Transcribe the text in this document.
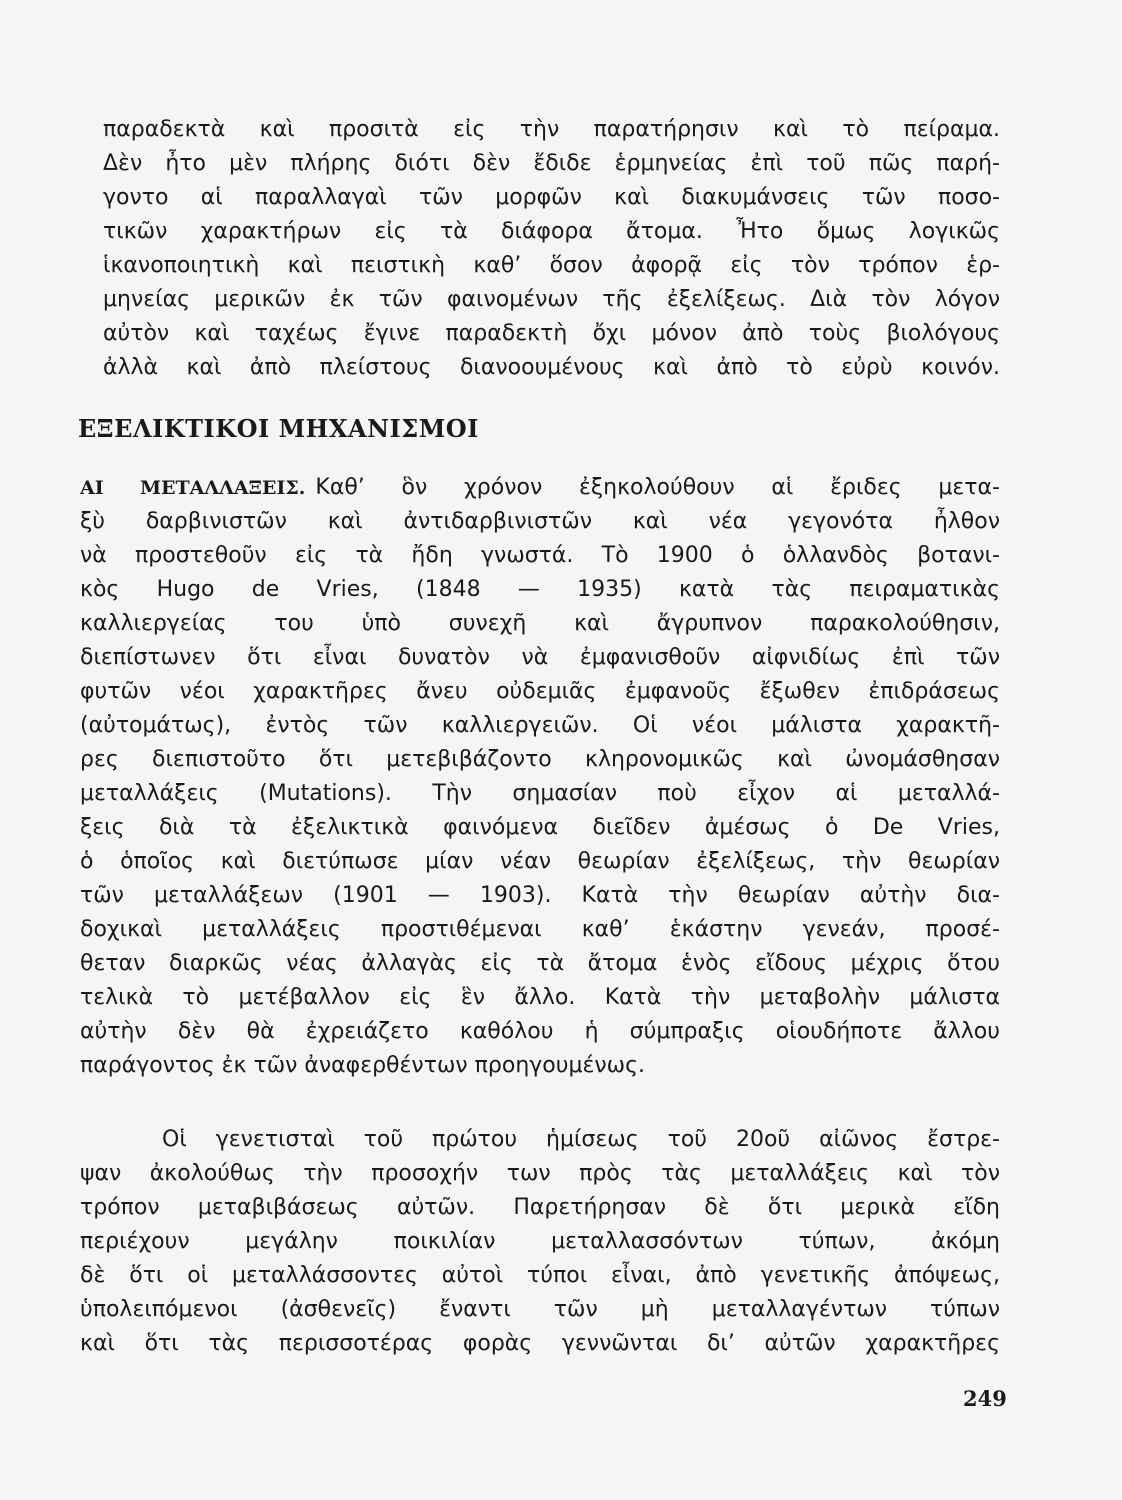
παραδεκτὰ καὶ προσιτὰ εἰς τὴν παρατήρησιν καὶ τὸ πείραμα.
Δὲν ἦτο μὲν πλήρης διότι δὲν ἔδιδε ἑρμηνείας ἐπὶ τοῦ πῶς παρή-
γοντο αἱ παραλλαγαὶ τῶν μορφῶν καὶ διακυμάνσεις τῶν ποσο-
τικῶν χαρακτήρων εἰς τὰ διάφορα ἄτομα. Ἦτο ὅμως λογικῶς
ἱκανοποιητικὴ καὶ πειστικὴ καθ’ ὅσον ἀφορᾷ εἰς τὸν τρόπον ἑρ-
μηνείας μερικῶν ἐκ τῶν φαινομένων τῆς ἐξελίξεως. Διὰ τὸν λόγον
αὐτὸν καὶ ταχέως ἔγινε παραδεκτὴ ὄχι μόνον ἀπὸ τοὺς βιολόγους
ἀλλὰ καὶ ἀπὸ πλείστους διανοουμένους καὶ ἀπὸ τὸ εὐρὺ κοινόν.
ΕΞΕΛΙΚΤΙΚΟΙ ΜΗΧΑΝΙΣΜΟΙ
ΑΙ ΜΕΤΑΛΛΑΞΕΙΣ. Καθ’ ὃν χρόνον ἐξηκολούθουν αἱ ἔριδες μετα-
ξὺ δαρβινιστῶν καὶ ἀντιδαρβινιστῶν καὶ νέα γεγονότα ἦλθον
νὰ προστεθοῦν εἰς τὰ ἤδη γνωστά. Τὸ 1900 ὁ ὁλλανδὸς βοτανι-
κὸς Hugo de Vries, (1848 — 1935) κατὰ τὰς πειραματικὰς
καλλιεργείας του ὑπὸ συνεχῆ καὶ ἄγρυπνον παρακολούθησιν,
διεπίστωνεν ὅτι εἶναι δυνατὸν νὰ ἐμφανισθοῦν αἰφνιδίως ἐπὶ τῶν
φυτῶν νέοι χαρακτῆρες ἄνευ οὐδεμιᾶς ἐμφανοῦς ἔξωθεν ἐπιδράσεως
(αὐτομάτως), ἐντὸς τῶν καλλιεργειῶν. Οἱ νέοι μάλιστα χαρακτῆ-
ρες διεπιστοῦτο ὅτι μετεβιβάζοντο κληρονομικῶς καὶ ὠνομάσθησαν
μεταλλάξεις (Mutations). Τὴν σημασίαν ποὺ εἶχον αἱ μεταλλά-
ξεις διὰ τὰ ἐξελικτικὰ φαινόμενα διεῖδεν ἀμέσως ὁ De Vries,
ὁ ὁποῖος καὶ διετύπωσε μίαν νέαν θεωρίαν ἐξελίξεως, τὴν θεωρίαν
τῶν μεταλλάξεων (1901 — 1903). Κατὰ τὴν θεωρίαν αὐτὴν δια-
δοχικαὶ μεταλλάξεις προστιθέμεναι καθ’ ἑκάστην γενεάν, προσέ-
θεταν διαρκῶς νέας ἀλλαγὰς εἰς τὰ ἄτομα ἑνὸς εἴδους μέχρις ὅτου
τελικὰ τὸ μετέβαλλον εἰς ἓν ἄλλο. Κατὰ τὴν μεταβολὴν μάλιστα
αὐτὴν δὲν θὰ ἐχρειάζετο καθόλου ἡ σύμπραξις οἱουδήποτε ἄλλου
παράγοντος ἐκ τῶν ἀναφερθέντων προηγουμένως.
Οἱ γενετισταὶ τοῦ πρώτου ἡμίσεως τοῦ 20οῦ αἰῶνος ἔστρε-
ψαν ἀκολούθως τὴν προσοχήν των πρὸς τὰς μεταλλάξεις καὶ τὸν
τρόπον μεταβιβάσεως αὐτῶν. Παρετήρησαν δὲ ὅτι μερικὰ εἴδη
περιέχουν μεγάλην ποικιλίαν μεταλλασσόντων τύπων, ἀκόμη
δὲ ὅτι οἱ μεταλλάσσοντες αὐτοὶ τύποι εἶναι, ἀπὸ γενετικῆς ἀπόψεως,
ὑπολειπόμενοι (ἀσθενεῖς) ἔναντι τῶν μὴ μεταλλαγέντων τύπων
καὶ ὅτι τὰς περισσοτέρας φορὰς γεννῶνται δι’ αὐτῶν χαρακτῆρες
249
